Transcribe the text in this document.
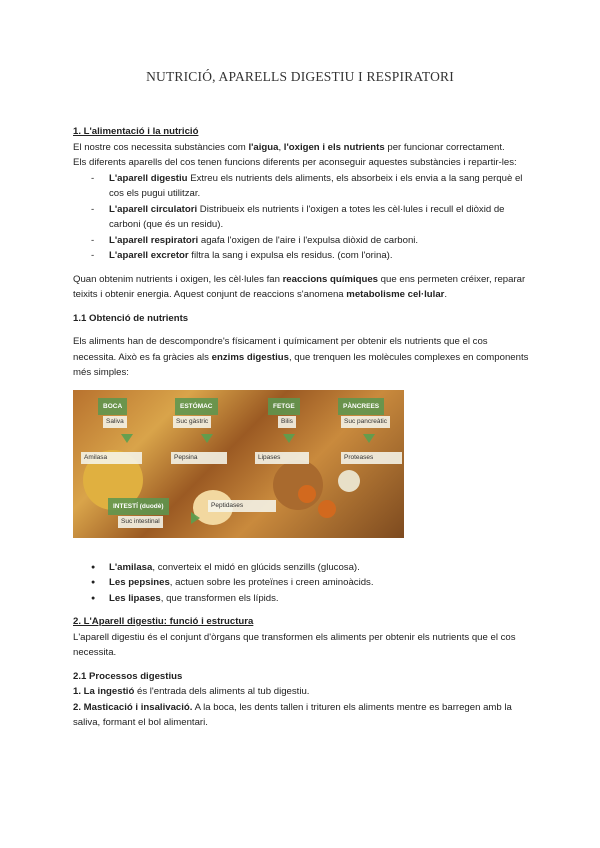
NUTRICIÓ, APARELLS DIGESTIU I RESPIRATORI

1. L'alimentació i la nutrició

El nostre cos necessita substàncies com l'aigua, l'oxigen i els nutrients per funcionar correctament.

Els diferents aparells del cos tenen funcions diferents per aconseguir aquestes substàncies i repartir-les:

- L'aparell digestiu Extreu els nutrients dels aliments, els absorbeix i els envia a la sang perquè el cos els pugui utilitzar.
- L'aparell circulatori Distribueix els nutrients i l'oxigen a totes les cèl·lules i recull el diòxid de carboni (que és un residu).
- L'aparell respiratori agafa l'oxigen de l'aire i l'expulsa diòxid de carboni.
- L'aparell excretor filtra la sang i expulsa els residus. (com l'orina).

Quan obtenim nutrients i oxigen, les cèl·lules fan reaccions químiques que ens permeten créixer, reparar teixits i obtenir energia. Aquest conjunt de reaccions s'anomena metabolisme cel·lular.

1.1 Obtenció de nutrients

Els aliments han de descompondre's físicament i químicament per obtenir els nutrients que el cos necessita. Això es fa gràcies als enzims digestius, que trenquen les molècules complexes en components més simples:

BOCA	ESTÓMAC	FETGE	PÀNCREES
INTESTÍ (duodè)
Saliva	Suc gàstric	Bilis	Suc pancreàtic
Suc intestinal
Amilasa	Pepsina	Lipases	Proteases
Peptidases
● L'amilasa, converteix el midó en glúcids senzills (glucosa).
● Les pepsines, actuen sobre les proteïnes i creen aminoàcids.
● Les lipases, que transformen els lípids.

2. L'Aparell digestiu: funció i estructura

L'aparell digestiu és el conjunt d'òrgans que transformen els aliments per obtenir els nutrients que el cos necessita.

2.1 Processos digestius

1. La ingestió és l'entrada dels aliments al tub digestiu.

2. Masticació i insalivació. A la boca, les dents tallen i trituren els aliments mentre es barregen amb la saliva, formant el bol alimentari.
